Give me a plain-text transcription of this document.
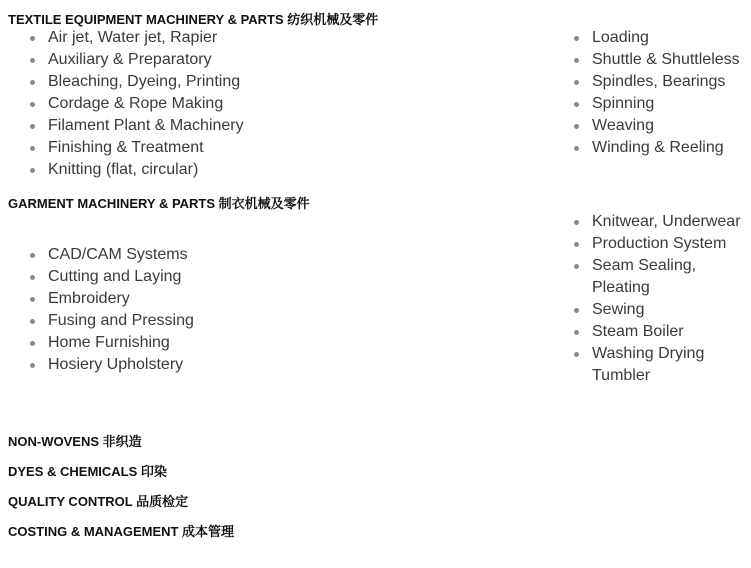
TEXTILE EQUIPMENT MACHINERY & PARTS 纺织机械及零件
Air jet, Water jet, Rapier
Auxiliary & Preparatory
Bleaching, Dyeing, Printing
Cordage & Rope Making
Filament Plant & Machinery
Finishing & Treatment
Knitting (flat, circular)
Loading
Shuttle & Shuttleless
Spindles, Bearings
Spinning
Weaving
Winding & Reeling
GARMENT MACHINERY & PARTS 制衣机械及零件
CAD/CAM Systems
Cutting and Laying
Embroidery
Fusing and Pressing
Home Furnishing
Hosiery Upholstery
Knitwear, Underwear
Production System
Seam Sealing, Pleating
Sewing
Steam Boiler
Washing Drying Tumbler
NON-WOVENS 非织造
DYES & CHEMICALS 印染
QUALITY CONTROL 品质检定
COSTING & MANAGEMENT 成本管理
